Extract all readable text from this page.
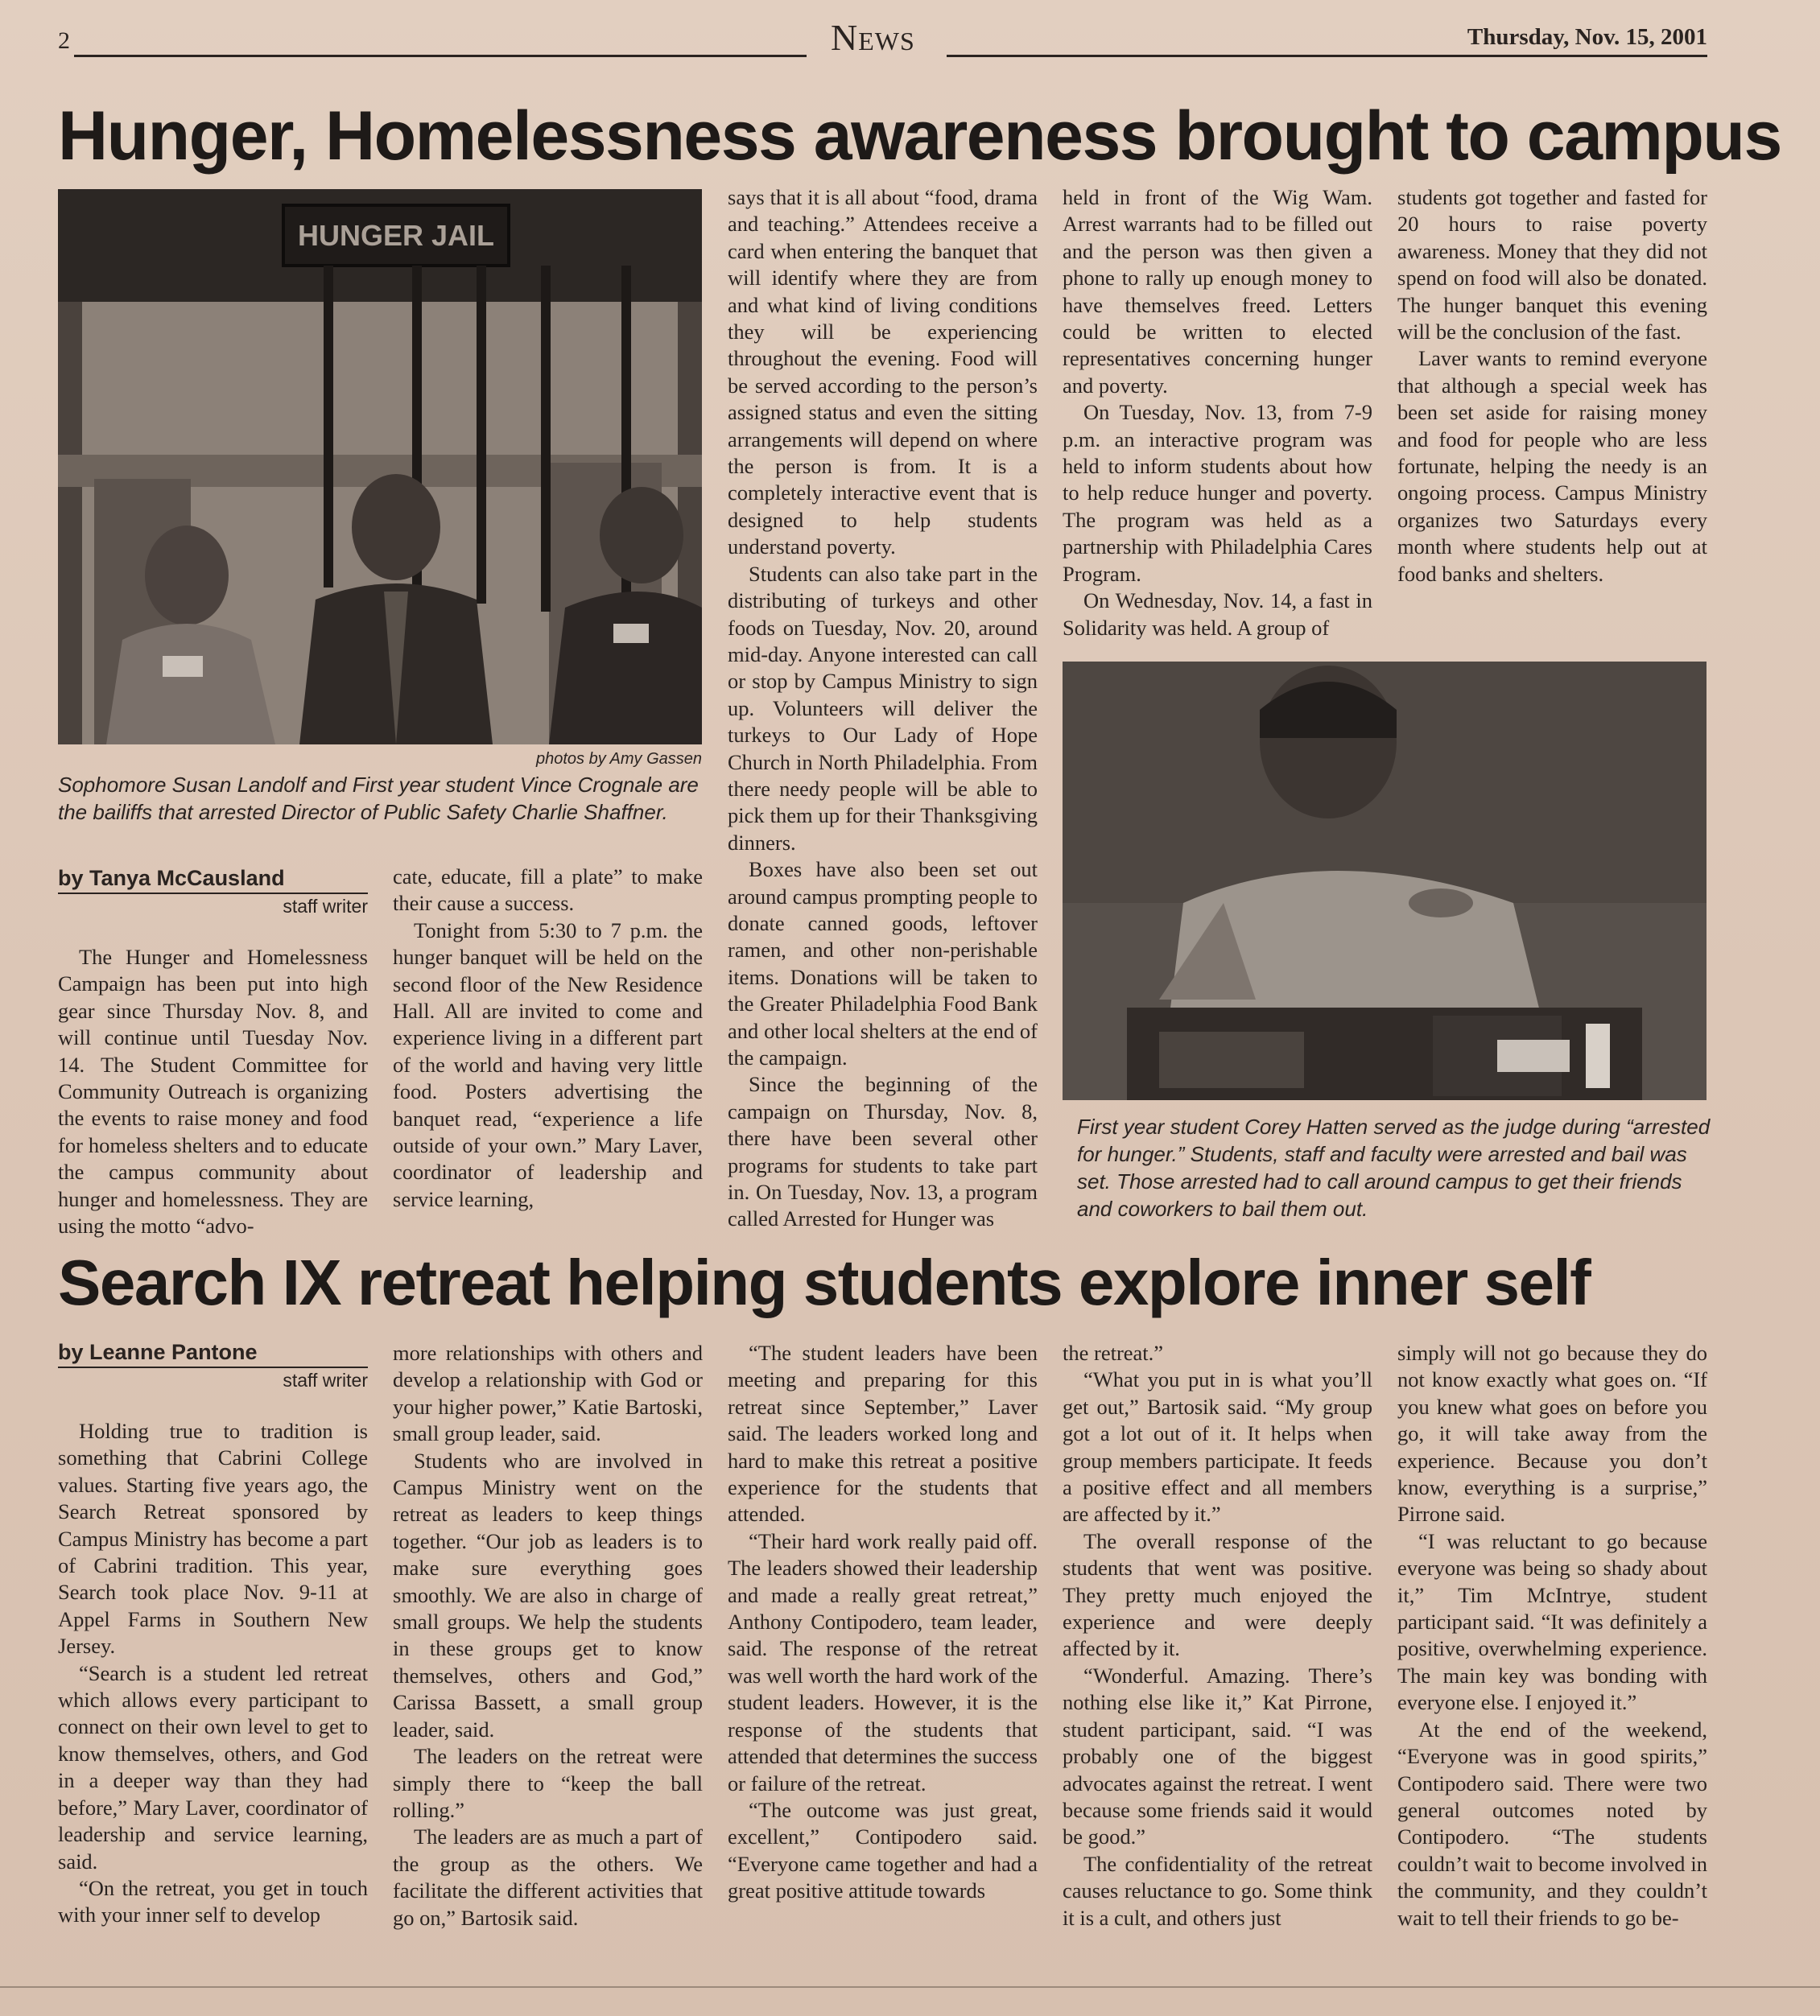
2	News	Thursday, Nov. 15, 2001
Hunger, Homelessness awareness brought to campus
HUNGER JAIL
photos by Amy Gassen
Sophomore Susan Landolf and First year student Vince Crognale are the bailiffs that arrested Director of Public Safety Charlie Shaffner.
by Tanya McCausland
staff writer

The Hunger and Homelessness Campaign has been put into high gear since Thursday Nov. 8, and will continue until Tuesday Nov. 14. The Student Committee for Community Outreach is organizing the events to raise money and food for homeless shelters and to educate the campus community about hunger and homelessness. They are using the motto “advo-

cate, educate, fill a plate” to make their cause a success.

Tonight from 5:30 to 7 p.m. the hunger banquet will be held on the second floor of the New Residence Hall. All are invited to come and experience living in a different part of the world and having very little food. Posters advertising the banquet read, “experience a life outside of your own.” Mary Laver, coordinator of leadership and service learning,

says that it is all about “food, drama and teaching.” Attendees receive a card when entering the banquet that will identify where they are from and what kind of living conditions they will be experiencing throughout the evening. Food will be served according to the person’s assigned status and even the sitting arrangements will depend on where the person is from. It is a completely interactive event that is designed to help students understand poverty.

Students can also take part in the distributing of turkeys and other foods on Tuesday, Nov. 20, around mid-day. Anyone interested can call or stop by Campus Ministry to sign up. Volunteers will deliver the turkeys to Our Lady of Hope Church in North Philadelphia. From there needy people will be able to pick them up for their Thanksgiving dinners.

Boxes have also been set out around campus prompting people to donate canned goods, leftover ramen, and other non-perishable items. Donations will be taken to the Greater Philadelphia Food Bank and other local shelters at the end of the campaign.

Since the beginning of the campaign on Thursday, Nov. 8, there have been several other programs for students to take part in. On Tuesday, Nov. 13, a program called Arrested for Hunger was

held in front of the Wig Wam. Arrest warrants had to be filled out and the person was then given a phone to rally up enough money to have themselves freed. Letters could be written to elected representatives concerning hunger and poverty.

On Tuesday, Nov. 13, from 7-9 p.m. an interactive program was held to inform students about how to help reduce hunger and poverty. The program was held as a partnership with Philadelphia Cares Program.

On Wednesday, Nov. 14, a fast in Solidarity was held. A group of

students got together and fasted for 20 hours to raise poverty awareness. Money that they did not spend on food will also be donated. The hunger banquet this evening will be the conclusion of the fast.

Laver wants to remind everyone that although a special week has been set aside for raising money and food for people who are less fortunate, helping the needy is an ongoing process. Campus Ministry organizes two Saturdays every month where students help out at food banks and shelters.

First year student Corey Hatten served as the judge during “arrested for hunger.” Students, staff and faculty were arrested and bail was set. Those arrested had to call around campus to get their friends and coworkers to bail them out.
Search IX retreat helping students explore inner self
by Leanne Pantone
staff writer

Holding true to tradition is something that Cabrini College values. Starting five years ago, the Search Retreat sponsored by Campus Ministry has become a part of Cabrini tradition. This year, Search took place Nov. 9-11 at Appel Farms in Southern New Jersey.

“Search is a student led retreat which allows every participant to connect on their own level to get to know themselves, others, and God in a deeper way than they had before,” Mary Laver, coordinator of leadership and service learning, said.

“On the retreat, you get in touch with your inner self to develop

more relationships with others and develop a relationship with God or your higher power,” Katie Bartoski, small group leader, said.

Students who are involved in Campus Ministry went on the retreat as leaders to keep things together. “Our job as leaders is to make sure everything goes smoothly. We are also in charge of small groups. We help the students in these groups get to know themselves, others and God,” Carissa Bassett, a small group leader, said.

The leaders on the retreat were simply there to “keep the ball rolling.”

The leaders are as much a part of the group as the others. We facilitate the different activities that go on,” Bartosik said.

“The student leaders have been meeting and preparing for this retreat since September,” Laver said. The leaders worked long and hard to make this retreat a positive experience for the students that attended.

“Their hard work really paid off. The leaders showed their leadership and made a really great retreat,” Anthony Contipodero, team leader, said. The response of the retreat was well worth the hard work of the student leaders. However, it is the response of the students that attended that determines the success or failure of the retreat.

“The outcome was just great, excellent,” Contipodero said. “Everyone came together and had a great positive attitude towards

the retreat.”

“What you put in is what you’ll get out,” Bartosik said. “My group got a lot out of it. It helps when group members participate. It feeds a positive effect and all members are affected by it.”

The overall response of the students that went was positive. They pretty much enjoyed the experience and were deeply affected by it.

“Wonderful. Amazing. There’s nothing else like it,” Kat Pirrone, student participant, said. “I was probably one of the biggest advocates against the retreat. I went because some friends said it would be good.”

The confidentiality of the retreat causes reluctance to go. Some think it is a cult, and others just

simply will not go because they do not know exactly what goes on. “If you knew what goes on before you go, it will take away from the experience. Because you don’t know, everything is a surprise,” Pirrone said.

“I was reluctant to go because everyone was being so shady about it,” Tim McIntrye, student participant said. “It was definitely a positive, overwhelming experience. The main key was bonding with everyone else. I enjoyed it.”

At the end of the weekend, “Everyone was in good spirits,” Contipodero said. There were two general outcomes noted by Contipodero. “The students couldn’t wait to become involved in the community, and they couldn’t wait to tell their friends to go be-
